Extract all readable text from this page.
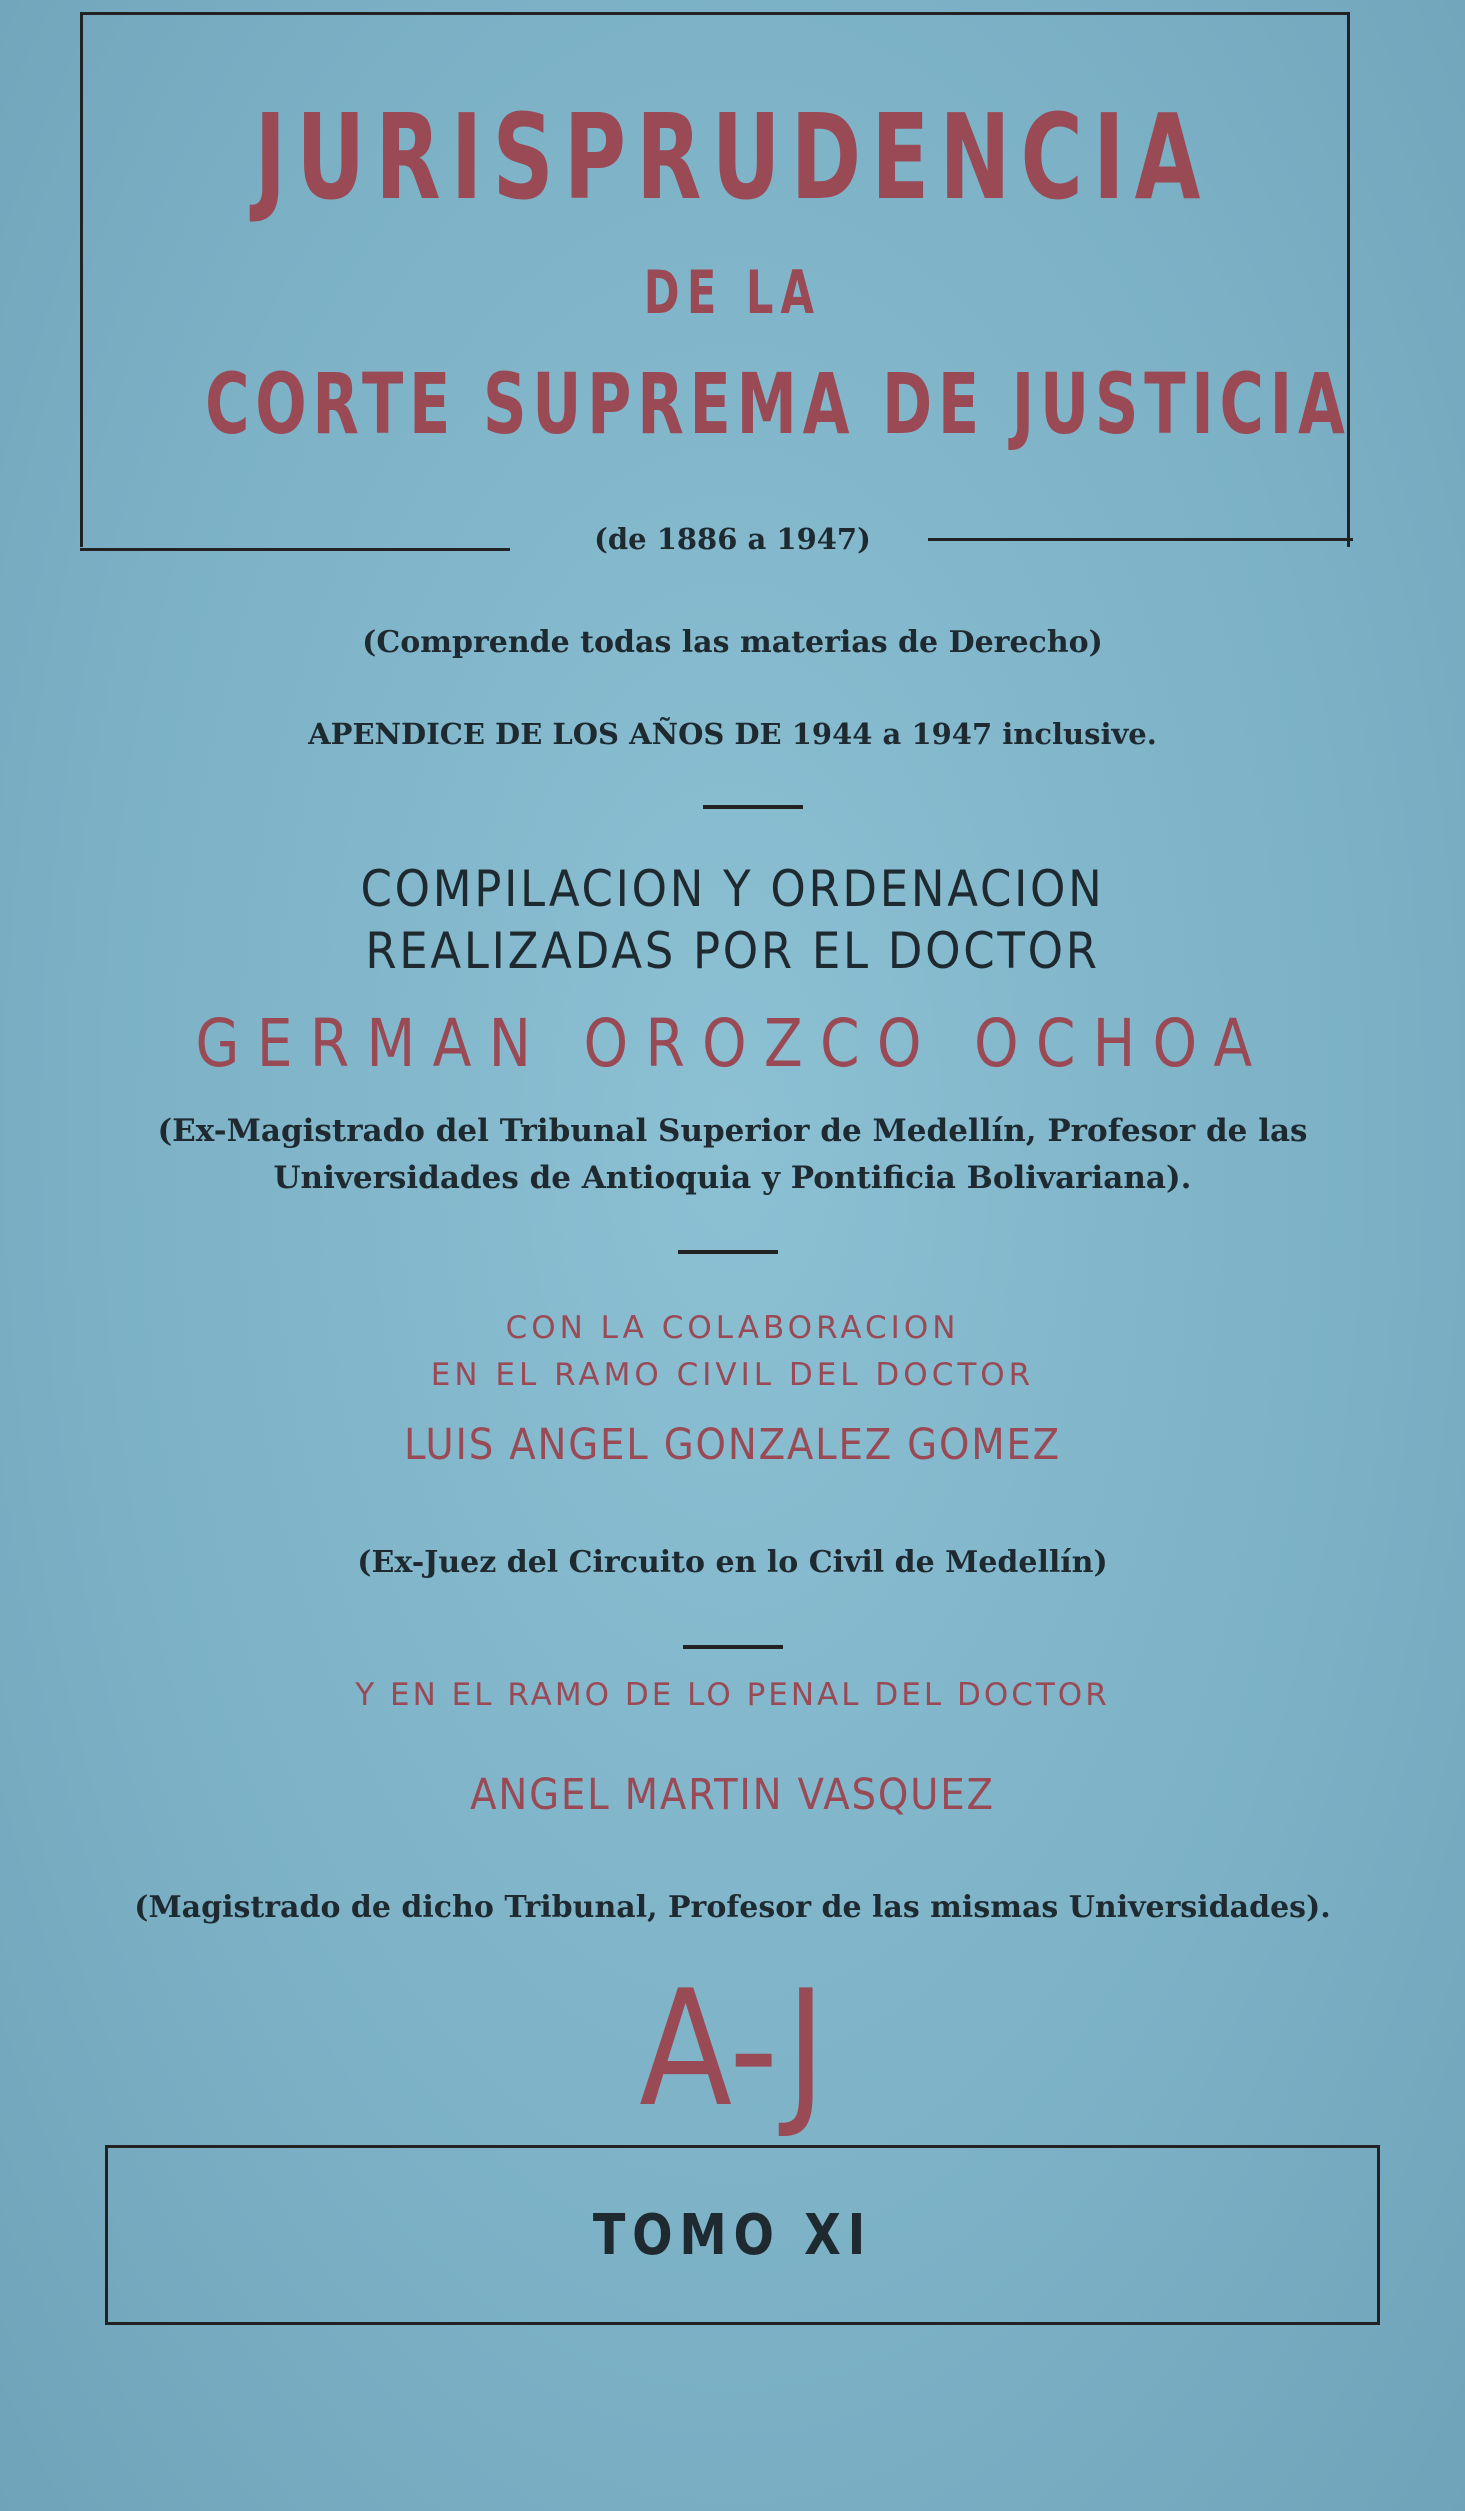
JURISPRUDENCIA
DE LA
CORTE SUPREMA DE JUSTICIA
(de 1886 a 1947)
(Comprende todas las materias de Derecho)
APENDICE DE LOS AÑOS DE 1944 a 1947 inclusive.
COMPILACION Y ORDENACION
REALIZADAS POR EL DOCTOR
GERMAN OROZCO OCHOA
(Ex-Magistrado del Tribunal Superior de Medellín, Profesor de las
Universidades de Antioquia y Pontificia Bolivariana).
CON LA COLABORACION
EN EL RAMO CIVIL DEL DOCTOR
LUIS ANGEL GONZALEZ GOMEZ
(Ex-Juez del Circuito en lo Civil de Medellín)
Y EN EL RAMO DE LO PENAL DEL DOCTOR
ANGEL MARTIN VASQUEZ
(Magistrado de dicho Tribunal, Profesor de las mismas Universidades).
A-J
TOMO XI
